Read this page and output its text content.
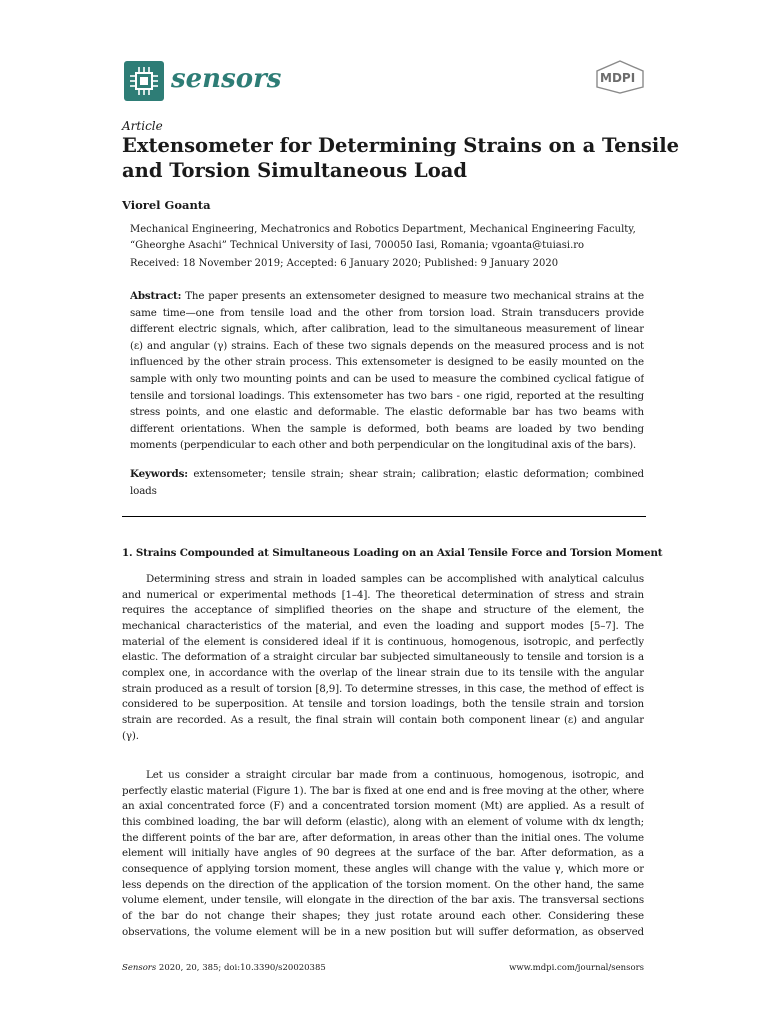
sensors	MDPI
Article
Extensometer for Determining Strains on a Tensile
and Torsion Simultaneous Load
Viorel Goanta
Mechanical Engineering, Mechatronics and Robotics Department, Mechanical Engineering Faculty,
“Gheorghe Asachi” Technical University of Iasi, 700050 Iasi, Romania; vgoanta@tuiasi.ro
Received: 18 November 2019; Accepted: 6 January 2020; Published: 9 January 2020
Abstract: The paper presents an extensometer designed to measure two mechanical strains at the
same time—one from tensile load and the other from torsion load. Strain transducers provide
different electric signals, which, after calibration, lead to the simultaneous measurement of linear
(ε) and angular (γ) strains. Each of these two signals depends on the measured process and is not
influenced by the other strain process. This extensometer is designed to be easily mounted on the
sample with only two mounting points and can be used to measure the combined cyclical fatigue of
tensile and torsional loadings. This extensometer has two bars - one rigid, reported at the resulting
stress points, and one elastic and deformable. The elastic deformable bar has two beams with
different orientations. When the sample is deformed, both beams are loaded by two bending
moments (perpendicular to each other and both perpendicular on the longitudinal axis of the bars).
Keywords: extensometer; tensile strain; shear strain; calibration; elastic deformation; combined
loads
1. Strains Compounded at Simultaneous Loading on an Axial Tensile Force and Torsion Moment
Determining stress and strain in loaded samples can be accomplished with analytical calculus
and numerical or experimental methods [1–4]. The theoretical determination of stress and strain
requires the acceptance of simplified theories on the shape and structure of the element, the
mechanical characteristics of the material, and even the loading and support modes [5–7]. The
material of the element is considered ideal if it is continuous, homogenous, isotropic, and perfectly
elastic. The deformation of a straight circular bar subjected simultaneously to tensile and torsion is a
complex one, in accordance with the overlap of the linear strain due to its tensile with the angular
strain produced as a result of torsion [8,9]. To determine stresses, in this case, the method of effect is
considered to be superposition. At tensile and torsion loadings, both the tensile strain and torsion
strain are recorded. As a result, the final strain will contain both component linear (ε) and angular
(γ).
Let us consider a straight circular bar made from a continuous, homogenous, isotropic, and
perfectly elastic material (Figure 1). The bar is fixed at one end and is free moving at the other, where
an axial concentrated force (F) and a concentrated torsion moment (Mt) are applied. As a result of
this combined loading, the bar will deform (elastic), along with an element of volume with dx length;
the different points of the bar are, after deformation, in areas other than the initial ones. The volume
element will initially have angles of 90 degrees at the surface of the bar. After deformation, as a
consequence of applying torsion moment, these angles will change with the value γ, which more or
less depends on the direction of the application of the torsion moment. On the other hand, the same
volume element, under tensile, will elongate in the direction of the bar axis. The transversal sections
of the bar do not change their shapes; they just rotate around each other. Considering these
observations, the volume element will be in a new position but will suffer deformation, as observed
Sensors 2020, 20, 385; doi:10.3390/s20020385	www.mdpi.com/journal/sensors
